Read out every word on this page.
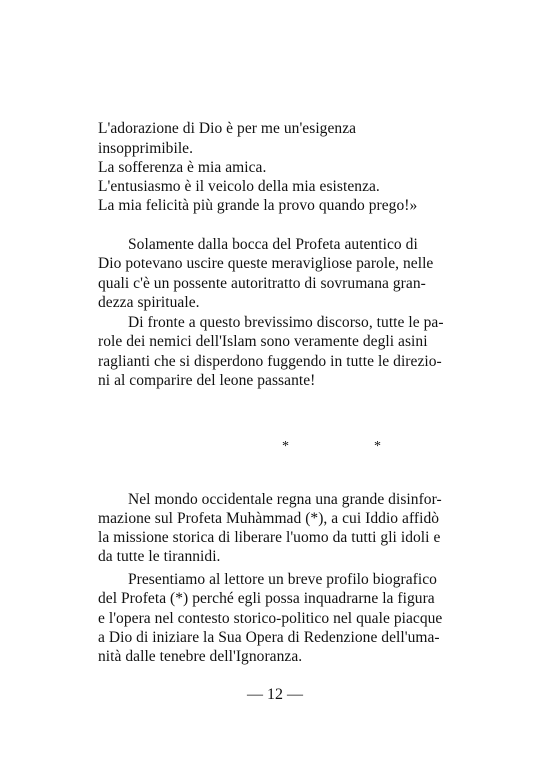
L'adorazione di Dio è per me un'esigenza
insopprimibile.
La sofferenza è mia amica.
L'entusiasmo è il veicolo della mia esistenza.
La mia felicità più grande la provo quando prego!»
Solamente dalla bocca del Profeta autentico di
Dio potevano uscire queste meravigliose parole, nelle
quali c'è un possente autoritratto di sovrumana gran-
dezza spirituale.
Di fronte a questo brevissimo discorso, tutte le pa-
role dei nemici dell'Islam sono veramente degli asini
raglianti che si disperdono fuggendo in tutte le direzio-
ni al comparire del leone passante!
*	*
Nel mondo occidentale regna una grande disinfor-
mazione sul Profeta Muhàmmad (*), a cui Iddio affidò
la missione storica di liberare l'uomo da tutti gli idoli e
da tutte le tirannidi.
Presentiamo al lettore un breve profilo biografico
del Profeta (*) perché egli possa inquadrarne la figura
e l'opera nel contesto storico-politico nel quale piacque
a Dio di iniziare la Sua Opera di Redenzione dell'uma-
nità dalle tenebre dell'Ignoranza.
— 12 —
